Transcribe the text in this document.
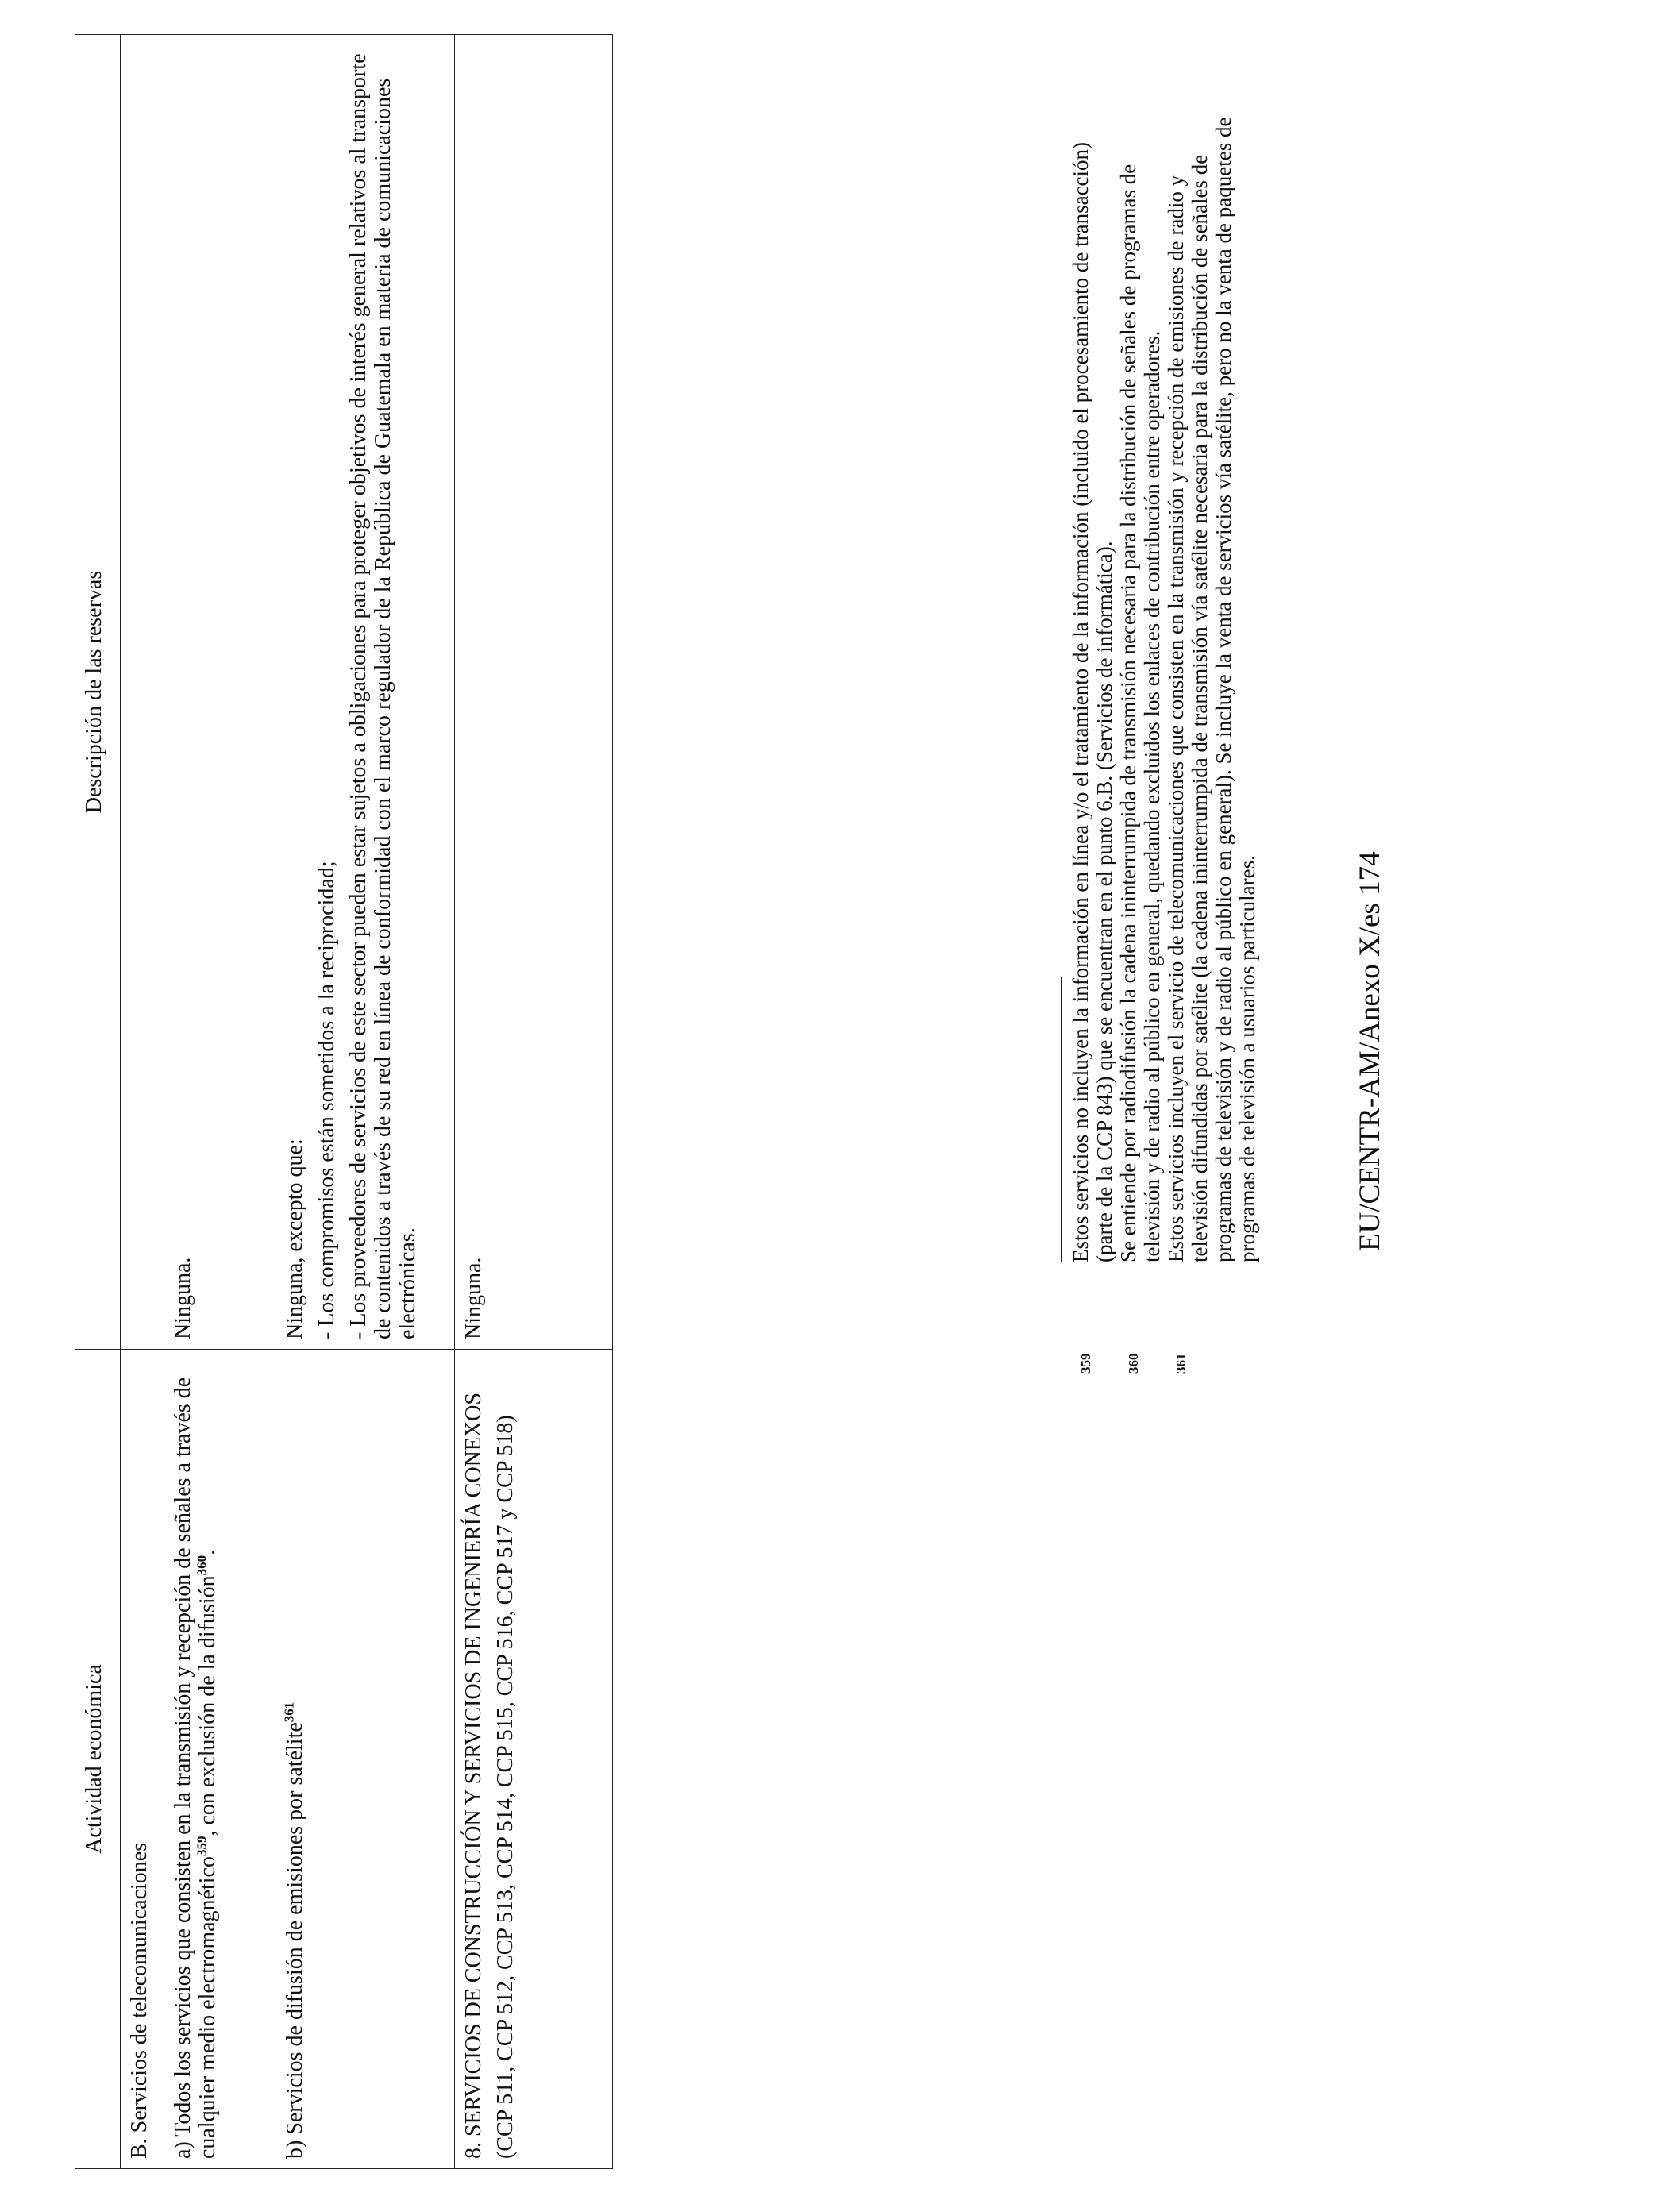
Actividad económica	Descripción de las reservas
B. Servicios de telecomunicaciones	
a) Todos los servicios que consisten en la transmisión y recepción de señales a través de cualquier medio electromagnético$^{359}$, con exclusión de la difusión$^{360}$.	Ninguna.
b) Servicios de difusión de emisiones por satélite$^{361}$	Ninguna, excepto que: - Los compromisos están sometidos a la reciprocidad; - Los proveedores de servicios de este sector pueden estar sujetos a obligaciones para proteger objetivos de interés general relativos al transporte de contenidos a través de su red en línea de conformidad con el marco regulador de la República de Guatemala en materia de comunicaciones electrónicas.

8. SERVICIOS DE CONSTRUCCIÓN Y SERVICIOS DE INGENIERÍA CONEXOS (CCP 511, CCP 512, CCP 513, CCP 514, CCP 515, CCP 516, CCP 517 y CCP 518)	Ninguna.
359
Estos servicios no incluyen la información en línea y/o el tratamiento de la información (incluido el procesamiento de transacción) (parte de la CCP 843) que se encuentran en el punto 6.B. (Servicios de informática).
360
Se entiende por radiodifusión la cadena ininterrumpida de transmisión necesaria para la distribución de señales de programas de televisión y de radio al público en general, quedando excluidos los enlaces de contribución entre operadores.
361
Estos servicios incluyen el servicio de telecomunicaciones que consisten en la transmisión y recepción de emisiones de radio y televisión difundidas por satélite (la cadena ininterrumpida de transmisión vía satélite necesaria para la distribución de señales de programas de televisión y de radio al público en general). Se incluye la venta de servicios vía satélite, pero no la venta de paquetes de programas de televisión a usuarios particulares.	EU/CENTR-AM/Anexo X/es 174
